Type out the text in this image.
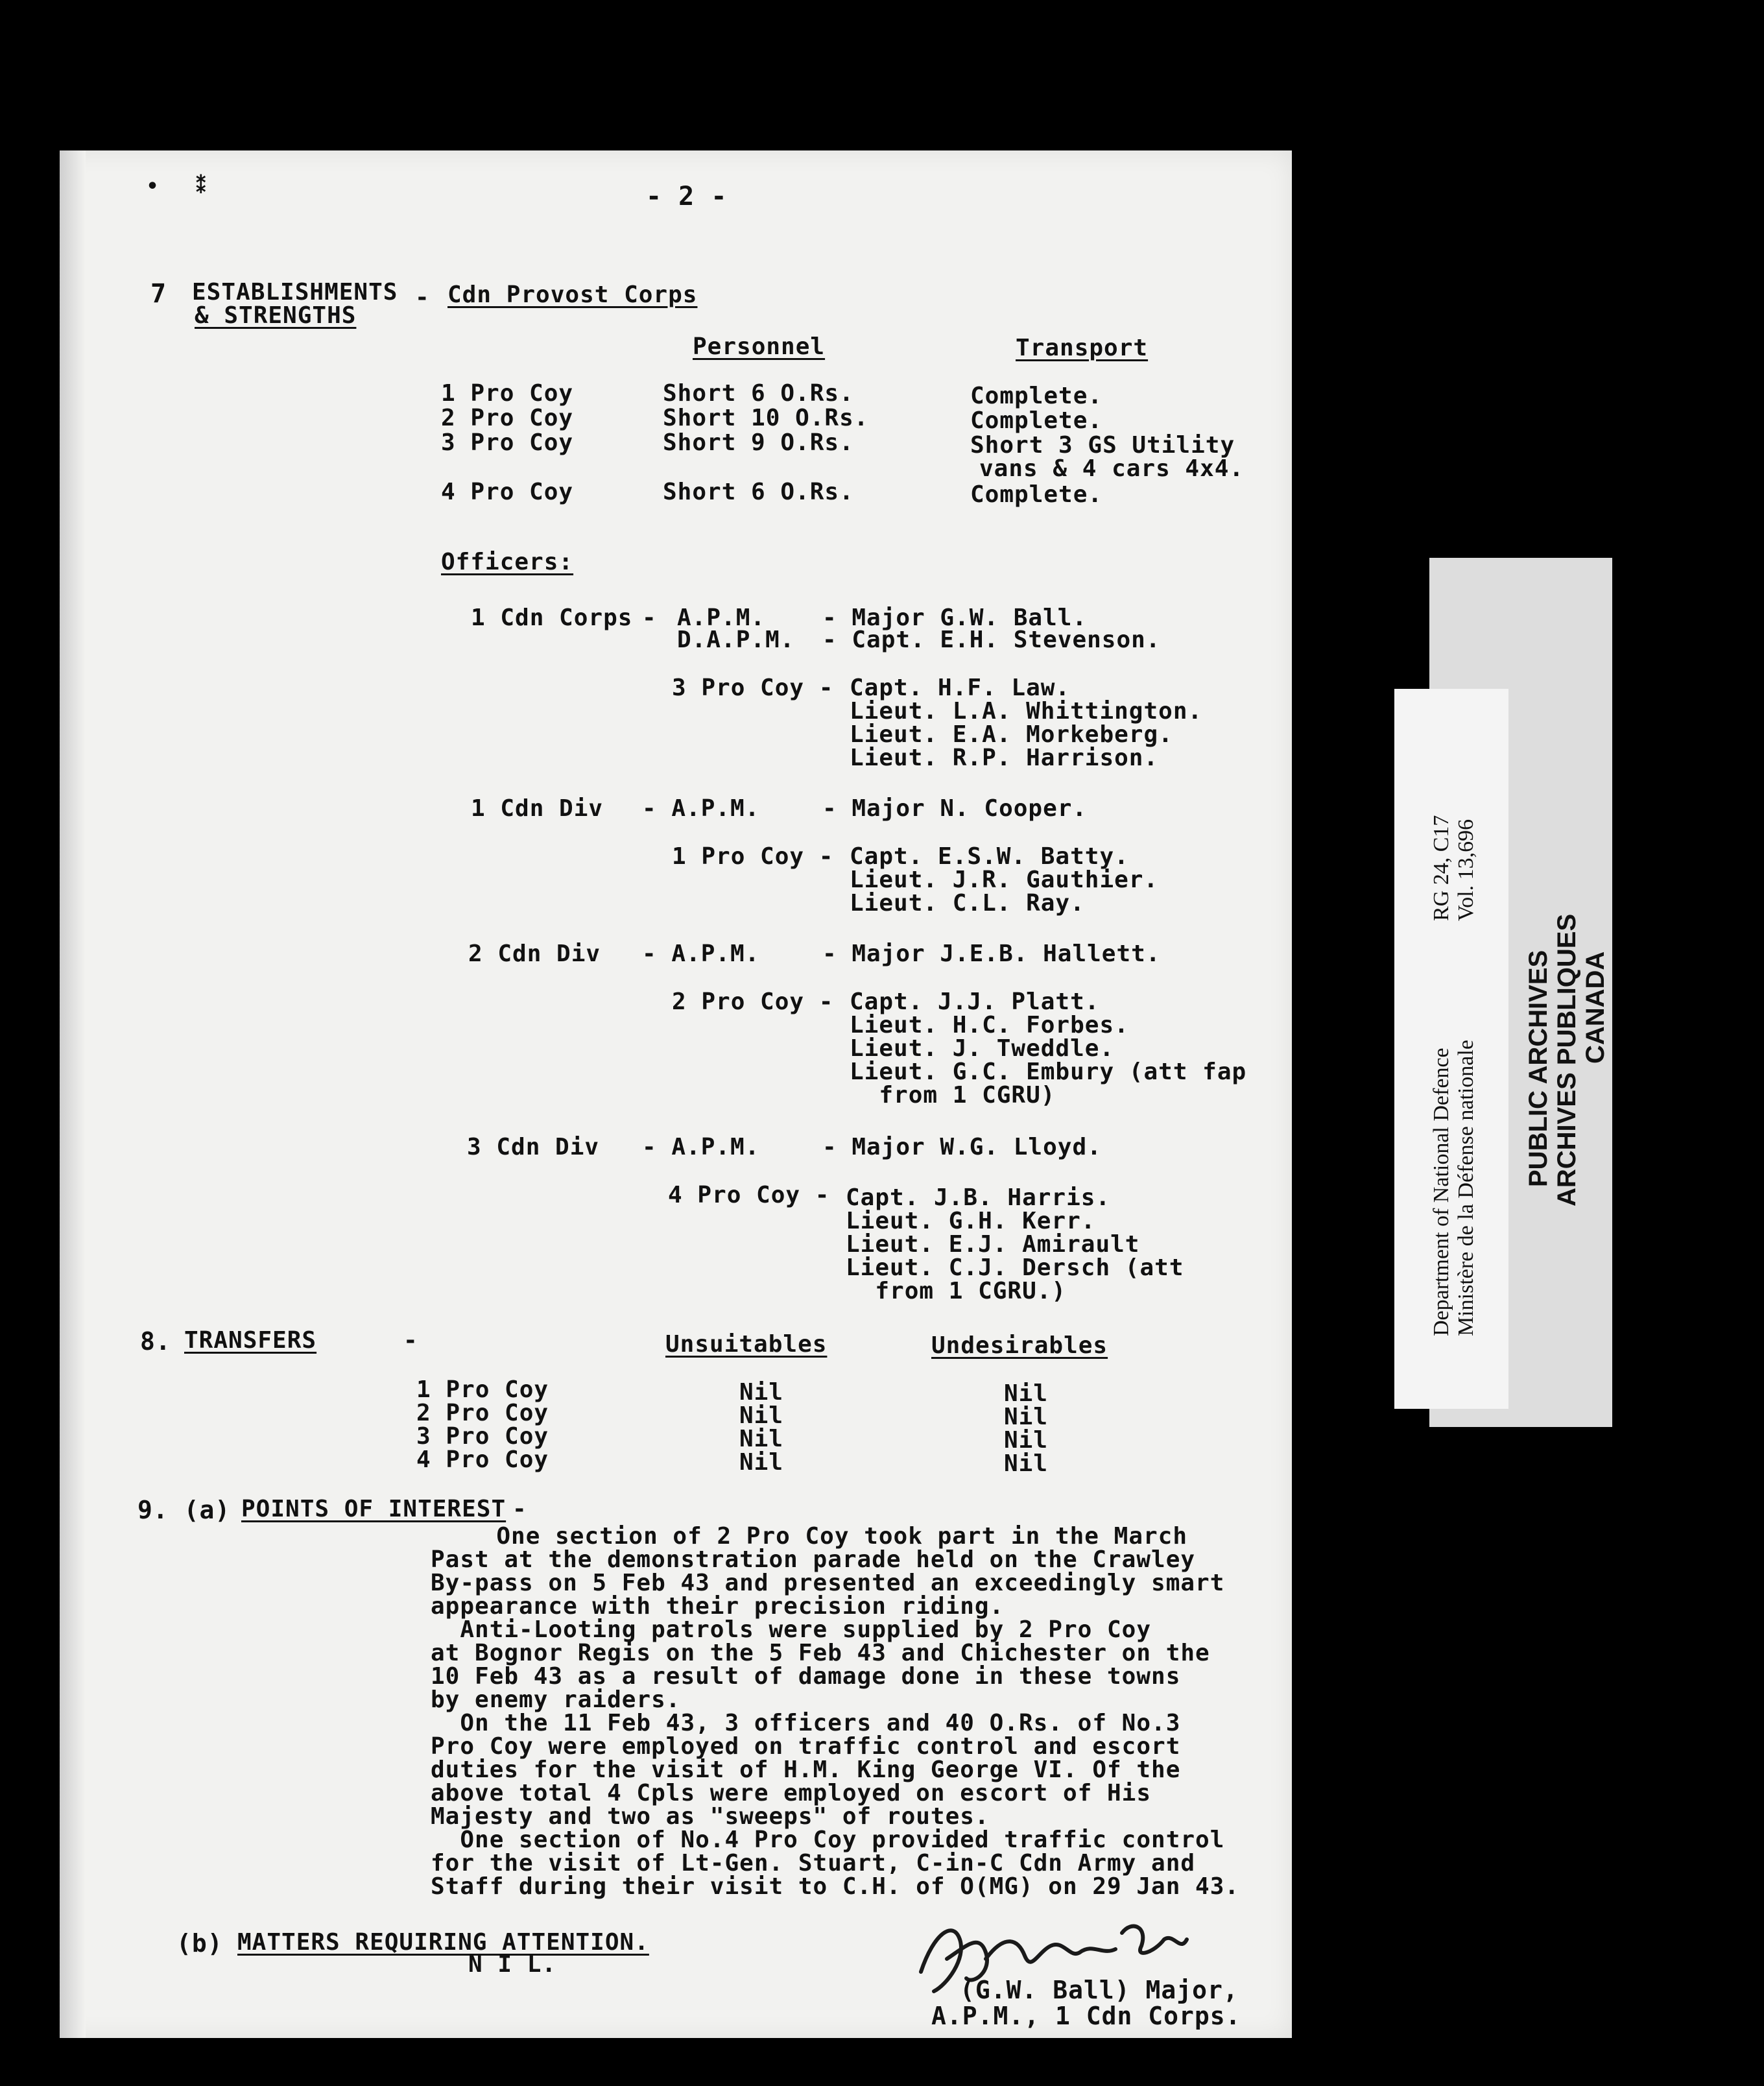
•   ⁑	- 2 -
7 ESTABLISHMENTS
& STRENGTHS
- Cdn Provost Corps
Personnel	Transport
1 Pro Coy	Short 6 O.Rs.	Complete.
2 Pro Coy	Short 10 O.Rs.	Complete.
3 Pro Coy	Short 9 O.Rs.	Short 3 GS Utility
vans & 4 cars 4x4.
4 Pro Coy	Short 6 O.Rs.	Complete.
Officers:
1 Cdn Corps - A.P.M. - Major G.W. Ball.
D.A.P.M. - Capt. E.H. Stevenson.
3 Pro Coy - Capt. H.F. Law.
Lieut. L.A. Whittington.
Lieut. E.A. Morkeberg.
Lieut. R.P. Harrison.
1 Cdn Div - A.P.M.	- Major N. Cooper.
1 Pro Coy - Capt. E.S.W. Batty.
Lieut. J.R. Gauthier.
Lieut. C.L. Ray.
2 Cdn Div - A.P.M.	- Major J.E.B. Hallett.
2 Pro Coy - Capt. J.J. Platt.
Lieut. H.C. Forbes.
Lieut. J. Tweddle.
Lieut. G.C. Embury (att fap
from 1 CGRU)
3 Cdn Div - A.P.M.	- Major W.G. Lloyd.
4 Pro Coy - Capt. J.B. Harris.
Lieut. G.H. Kerr.
Lieut. E.J. Amirault
Lieut. C.J. Dersch (att
from 1 CGRU.)
8. TRANSFERS	-	Unsuitables	Undesirables
1 Pro Coy	Nil	Nil
2 Pro Coy	Nil	Nil
3 Pro Coy	Nil	Nil
4 Pro Coy	Nil	Nil
9. (a) POINTS OF INTEREST -
One section of 2 Pro Coy took part in the March
Past at the demonstration parade held on the Crawley
By-pass on 5 Feb 43 and presented an exceedingly smart
appearance with their precision riding.
Anti-Looting patrols were supplied by 2 Pro Coy
at Bognor Regis on the 5 Feb 43 and Chichester on the
10 Feb 43 as a result of damage done in these towns
by enemy raiders.
On the 11 Feb 43, 3 officers and 40 O.Rs. of No.3
Pro Coy were employed on traffic control and escort
duties for the visit of H.M. King George VI. Of the
above total 4 Cpls were employed on escort of His
Majesty and two as "sweeps" of routes.
One section of No.4 Pro Coy provided traffic control
for the visit of Lt-Gen. Stuart, C-in-C Cdn Army and
Staff during their visit to C.H. of O(MG) on 29 Jan 43.
(b) MATTERS REQUIRING ATTENTION.
N I L.
(G.W. Ball) Major,
A.P.M., 1 Cdn Corps.
Department of National Defence Ministère de la Défense nationale
RG 24, C17 Vol. 13,696
PUBLIC ARCHIVES ARCHIVES PUBLIQUES CANADA
